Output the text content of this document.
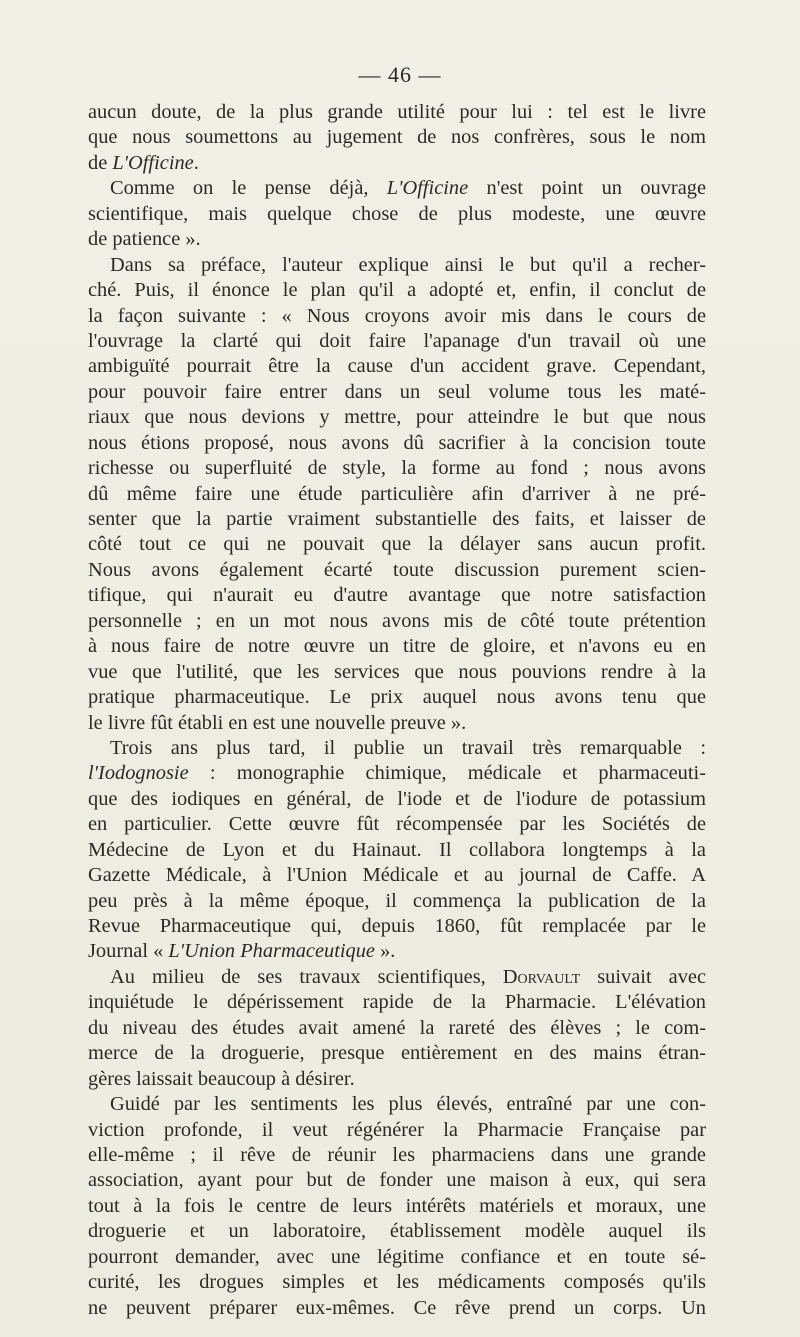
— 46 —
aucun doute, de la plus grande utilité pour lui : tel est le livre
que nous soumettons au jugement de nos confrères, sous le nom
de L'Officine.
Comme on le pense déjà, L'Officine n'est point un ouvrage
scientifique, mais quelque chose de plus modeste, une œuvre
de patience ».
Dans sa préface, l'auteur explique ainsi le but qu'il a recher-
ché. Puis, il énonce le plan qu'il a adopté et, enfin, il conclut de
la façon suivante : « Nous croyons avoir mis dans le cours de
l'ouvrage la clarté qui doit faire l'apanage d'un travail où une
ambiguïté pourrait être la cause d'un accident grave. Cependant,
pour pouvoir faire entrer dans un seul volume tous les maté-
riaux que nous devions y mettre, pour atteindre le but que nous
nous étions proposé, nous avons dû sacrifier à la concision toute
richesse ou superfluité de style, la forme au fond ; nous avons
dû même faire une étude particulière afin d'arriver à ne pré-
senter que la partie vraiment substantielle des faits, et laisser de
côté tout ce qui ne pouvait que la délayer sans aucun profit.
Nous avons également écarté toute discussion purement scien-
tifique, qui n'aurait eu d'autre avantage que notre satisfaction
personnelle ; en un mot nous avons mis de côté toute prétention
à nous faire de notre œuvre un titre de gloire, et n'avons eu en
vue que l'utilité, que les services que nous pouvions rendre à la
pratique pharmaceutique. Le prix auquel nous avons tenu que
le livre fût établi en est une nouvelle preuve ».
Trois ans plus tard, il publie un travail très remarquable :
l'Iodognosie : monographie chimique, médicale et pharmaceuti-
que des iodiques en général, de l'iode et de l'iodure de potassium
en particulier. Cette œuvre fût récompensée par les Sociétés de
Médecine de Lyon et du Hainaut. Il collabora longtemps à la
Gazette Médicale, à l'Union Médicale et au journal de Caffe. A
peu près à la même époque, il commença la publication de la
Revue Pharmaceutique qui, depuis 1860, fût remplacée par le
Journal « L'Union Pharmaceutique ».
Au milieu de ses travaux scientifiques, Dorvault suivait avec
inquiétude le dépérissement rapide de la Pharmacie. L'élévation
du niveau des études avait amené la rareté des élèves ; le com-
merce de la droguerie, presque entièrement en des mains étran-
gères laissait beaucoup à désirer.
Guidé par les sentiments les plus élevés, entraîné par une con-
viction profonde, il veut régénérer la Pharmacie Française par
elle-même ; il rêve de réunir les pharmaciens dans une grande
association, ayant pour but de fonder une maison à eux, qui sera
tout à la fois le centre de leurs intérêts matériels et moraux, une
droguerie et un laboratoire, établissement modèle auquel ils
pourront demander, avec une légitime confiance et en toute sé-
curité, les drogues simples et les médicaments composés qu'ils
ne peuvent préparer eux-mêmes. Ce rêve prend un corps. Un
